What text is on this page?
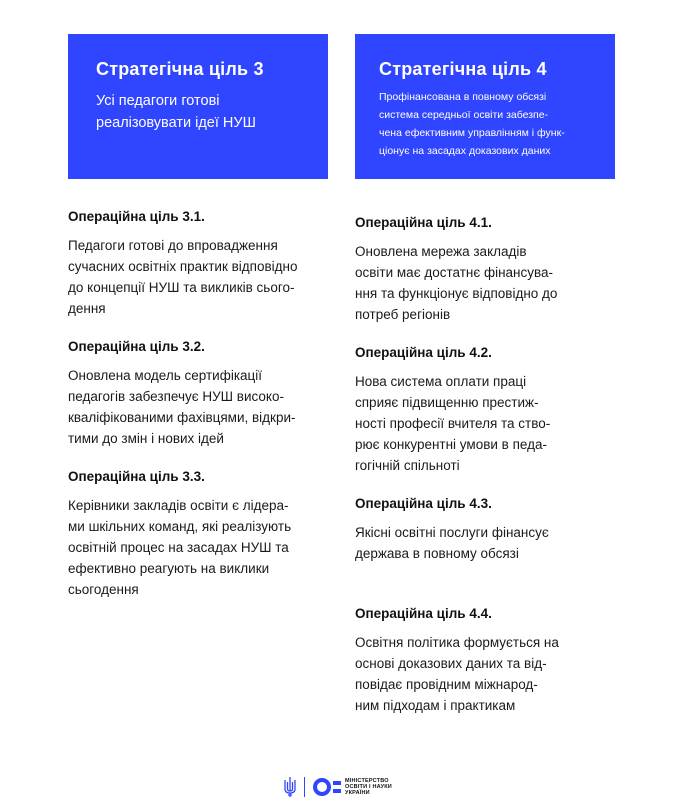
Стратегічна ціль 3
Усі педагоги готові
реалізовувати ідеї НУШ
Операційна ціль 3.1.
Педагоги готові до впровадження
сучасних освітніх практик відповідно
до концепції НУШ та викликів сього-
дення
Операційна ціль 3.2.
Оновлена модель сертифікації
педагогів забезпечує НУШ високо-
кваліфікованими фахівцями, відкри-
тими до змін і нових ідей
Операційна ціль 3.3.
Керівники закладів освіти є лідера-
ми шкільних команд, які реалізують
освітній процес на засадах НУШ та
ефективно реагують на виклики
сьогодення
Стратегічна ціль 4
Профінансована в повному обсязі
система середньої освіти забезпе-
чена ефективним управлінням і функ-
ціонує на засадах доказових даних
Операційна ціль 4.1.
Оновлена мережа закладів
освіти має достатнє фінансува-
ння та функціонує відповідно до
потреб регіонів
Операційна ціль 4.2.
Нова система оплати праці
сприяє підвищенню престиж-
ності професії вчителя та ство-
рює конкурентні умови в педа-
гогічній спільноті
Операційна ціль 4.3.
Якісні освітні послуги фінансує
держава в повному обсязі
Операційна ціль 4.4.
Освітня політика формується на
основі доказових даних та від-
повідає провідним міжнарод-
ним підходам і практикам
МІНІСТЕРСТВО
ОСВІТИ І НАУКИ
УКРАЇНИ
